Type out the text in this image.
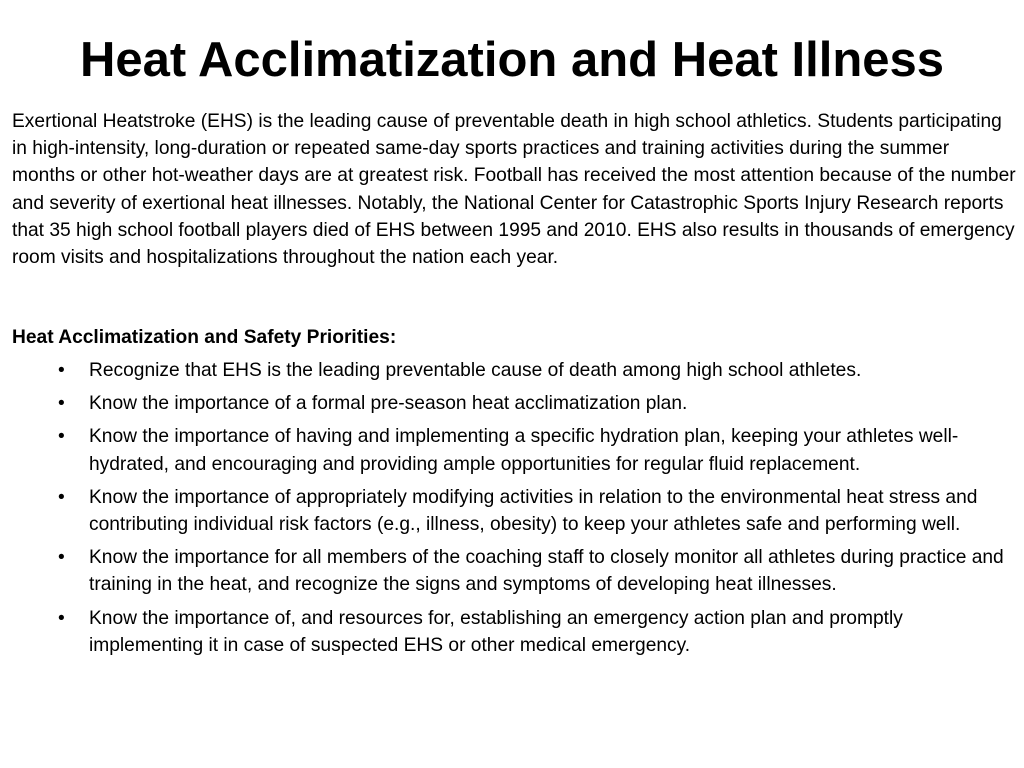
Heat Acclimatization and Heat Illness

Exertional Heatstroke (EHS) is the leading cause of preventable death in high school athletics. Students participating in high-intensity, long-duration or repeated same-day sports practices and training activities during the summer months or other hot-weather days are at greatest risk. Football has received the most attention because of the number and severity of exertional heat illnesses. Notably, the National Center for Catastrophic Sports Injury Research reports that 35 high school football players died of EHS between 1995 and 2010. EHS also results in thousands of emergency room visits and hospitalizations throughout the nation each year.

Heat Acclimatization and Safety Priorities:

• Recognize that EHS is the leading preventable cause of death among high school athletes.
• Know the importance of a formal pre-season heat acclimatization plan.
• Know the importance of having and implementing a specific hydration plan, keeping your athletes well-hydrated, and encouraging and providing ample opportunities for regular fluid replacement.
• Know the importance of appropriately modifying activities in relation to the environmental heat stress and contributing individual risk factors (e.g., illness, obesity) to keep your athletes safe and performing well.
• Know the importance for all members of the coaching staff to closely monitor all athletes during practice and training in the heat, and recognize the signs and symptoms of developing heat illnesses.
• Know the importance of, and resources for, establishing an emergency action plan and promptly implementing it in case of suspected EHS or other medical emergency.
